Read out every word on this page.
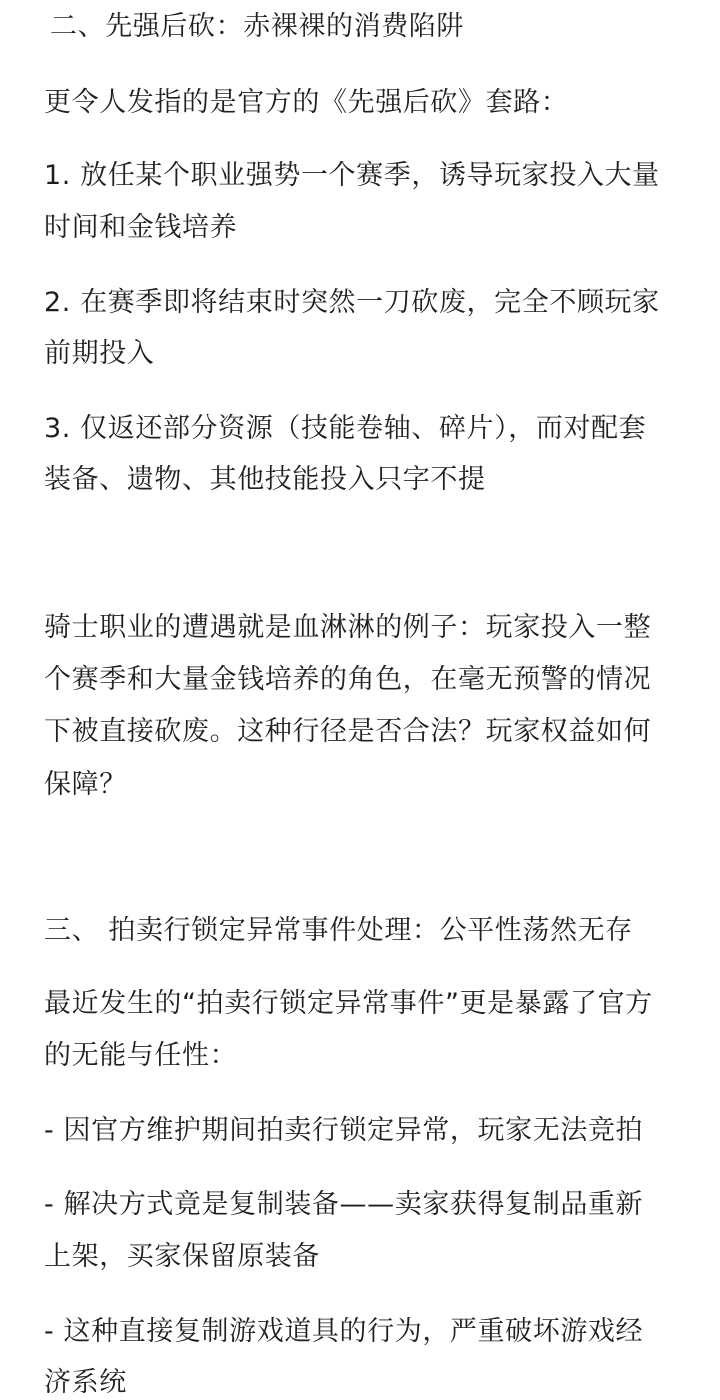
二、先强后砍：赤裸裸的消费陷阱
更令人发指的是官方的《先强后砍》套路：
1. 放任某个职业强势一个赛季，诱导玩家投入大量
时间和金钱培养
2. 在赛季即将结束时突然一刀砍废，完全不顾玩家
前期投入
3. 仅返还部分资源（技能卷轴、碎片），而对配套
装备、遗物、其他技能投入只字不提
骑士职业的遭遇就是血淋淋的例子：玩家投入一整
个赛季和大量金钱培养的角色，在毫无预警的情况
下被直接砍废。这种行径是否合法？玩家权益如何
保障？
三、 拍卖行锁定异常事件处理：公平性荡然无存
最近发生的“拍卖行锁定异常事件”更是暴露了官方
的无能与任性：
- 因官方维护期间拍卖行锁定异常，玩家无法竞拍
- 解决方式竟是复制装备——卖家获得复制品重新
上架，买家保留原装备
- 这种直接复制游戏道具的行为，严重破坏游戏经
济系统
